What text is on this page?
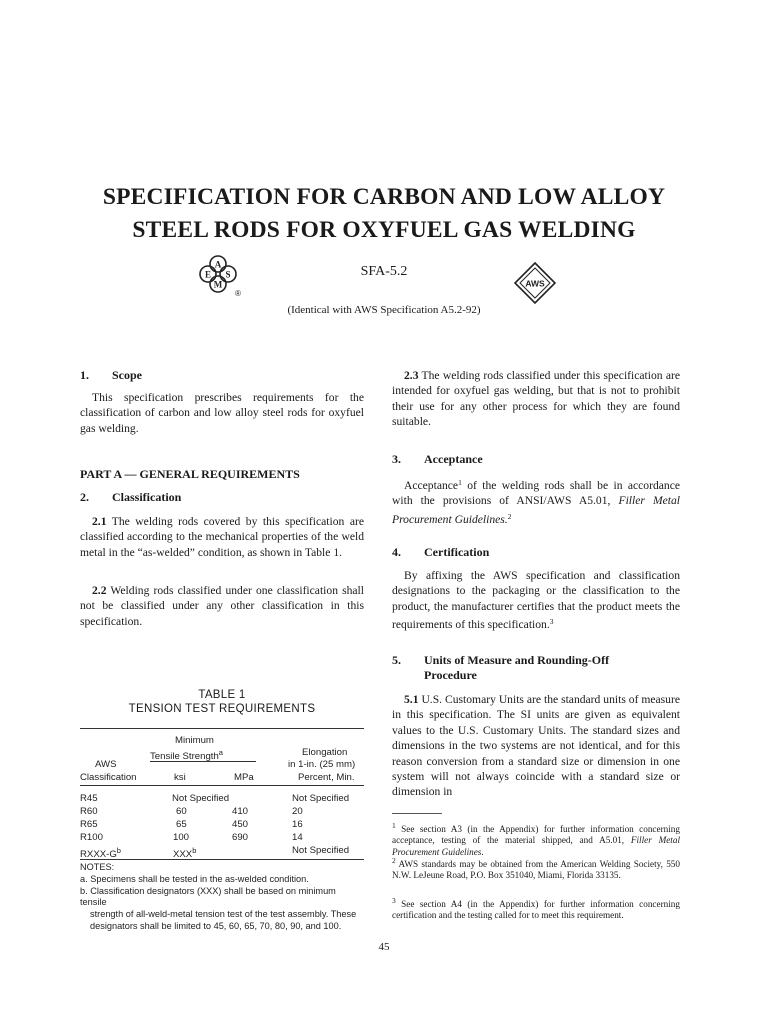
SPECIFICATION FOR CARBON AND LOW ALLOY
STEEL RODS FOR OXYFUEL GAS WELDING
A
E S
M
®
SFA-5.2
AWS
(Identical with AWS Specification A5.2-92)
1. Scope
This specification prescribes requirements for the classification of carbon and low alloy steel rods for oxyfuel gas welding.
PART A — GENERAL REQUIREMENTS
2. Classification
2.1 The welding rods covered by this specification are classified according to the mechanical properties of the weld metal in the “as-welded” condition, as shown in Table 1.
2.2 Welding rods classified under one classification shall not be classified under any other classification in this specification.
TABLE 1
TENSION TEST REQUIREMENTS
Minimum
Tensile Strength$^a$
AWS
Classification	ksi	MPa
Elongation
in 1-in. (25 mm)
Percent, Min.
R45	Not Specified	Not Specified
R60	60	410	20
R65	65	450	16
R100	100	690	14
RXXX-$G^b$	XXX$^b$	Not Specified
NOTES:
a. Specimens shall be tested in the as-welded condition.
b. Classification designators (XXX) shall be based on minimum tensile
strength of all-weld-metal tension test of the test assembly. These
designators shall be limited to 45, 60, 65, 70, 80, 90, and 100.
2.3 The welding rods classified under this specification are intended for oxyfuel gas welding, but that is not to prohibit their use for any other process for which they are found suitable.
3. Acceptance
Acceptance$^1$ of the welding rods shall be in accordance with the provisions of ANSI/AWS A5.01, Filler Metal Procurement Guidelines.$^2$
4. Certification
By affixing the AWS specification and classification designations to the packaging or the classification to the product, the manufacturer certifies that the product meets the requirements of this specification.$^3$
5. Units of Measure and Rounding-Off
Procedure
5.1 U.S. Customary Units are the standard units of measure in this specification. The SI units are given as equivalent values to the U.S. Customary Units. The standard sizes and dimensions in the two systems are not identical, and for this reason conversion from a standard size or dimension in one system will not always coincide with a standard size or dimension in
$^1$ See section A3 (in the Appendix) for further information concerning acceptance, testing of the material shipped, and A5.01, Filler Metal Procurement Guidelines.
$^2$ AWS standards may be obtained from the American Welding Society, 550 N.W. LeJeune Road, P.O. Box 351040, Miami, Florida 33135.
$^3$ See section A4 (in the Appendix) for further information concerning certification and the testing called for to meet this requirement.
45
